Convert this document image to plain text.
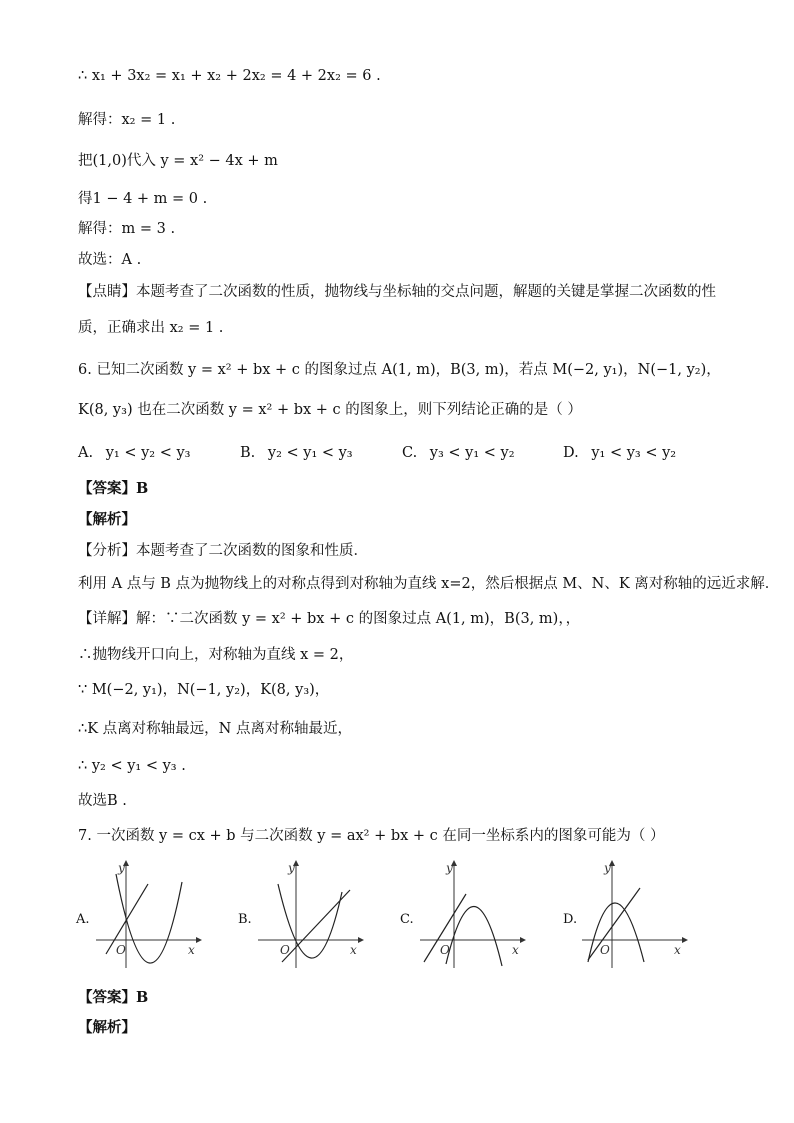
∴ x₁ + 3x₂ = x₁ + x₂ + 2x₂ = 4 + 2x₂ = 6 .
解得：x₂ = 1 .
把(1,0)代入 y = x² − 4x + m
得1 − 4 + m = 0 .
解得：m = 3 .
故选：A .
【点睛】本题考查了二次函数的性质，抛物线与坐标轴的交点问题，解题的关键是掌握二次函数的性
质，正确求出 x₂ = 1 .
6. 已知二次函数 y = x² + bx + c 的图象过点 A(1, m)，B(3, m)，若点 M(−2, y₁)，N(−1, y₂)，
K(8, y₃) 也在二次函数 y = x² + bx + c 的图象上，则下列结论正确的是（ ）
A. y₁ < y₂ < y₃	B. y₂ < y₁ < y₃	C. y₃ < y₁ < y₂	D. y₁ < y₃ < y₂
【答案】B
【解析】
【分析】本题考查了二次函数的图象和性质．
利用 A 点与 B 点为抛物线上的对称点得到对称轴为直线 x=2，然后根据点 M、N、K 离对称轴的远近求解．
【详解】解：∵二次函数 y = x² + bx + c 的图象过点 A(1, m)，B(3, m)，，
∴抛物线开口向上，对称轴为直线 x = 2，
∵ M(−2, y₁)，N(−1, y₂)，K(8, y₃)，
∴K 点离对称轴最远，N 点离对称轴最近，
∴ y₂ < y₁ < y₃ .
故选B .
7. 一次函数 y = cx + b 与二次函数 y = ax² + bx + c 在同一坐标系内的图象可能为（ ）
A.
y
x
O
B.
y
x
O
C.
y
x
O
D.
y
x
O
【答案】B
【解析】
